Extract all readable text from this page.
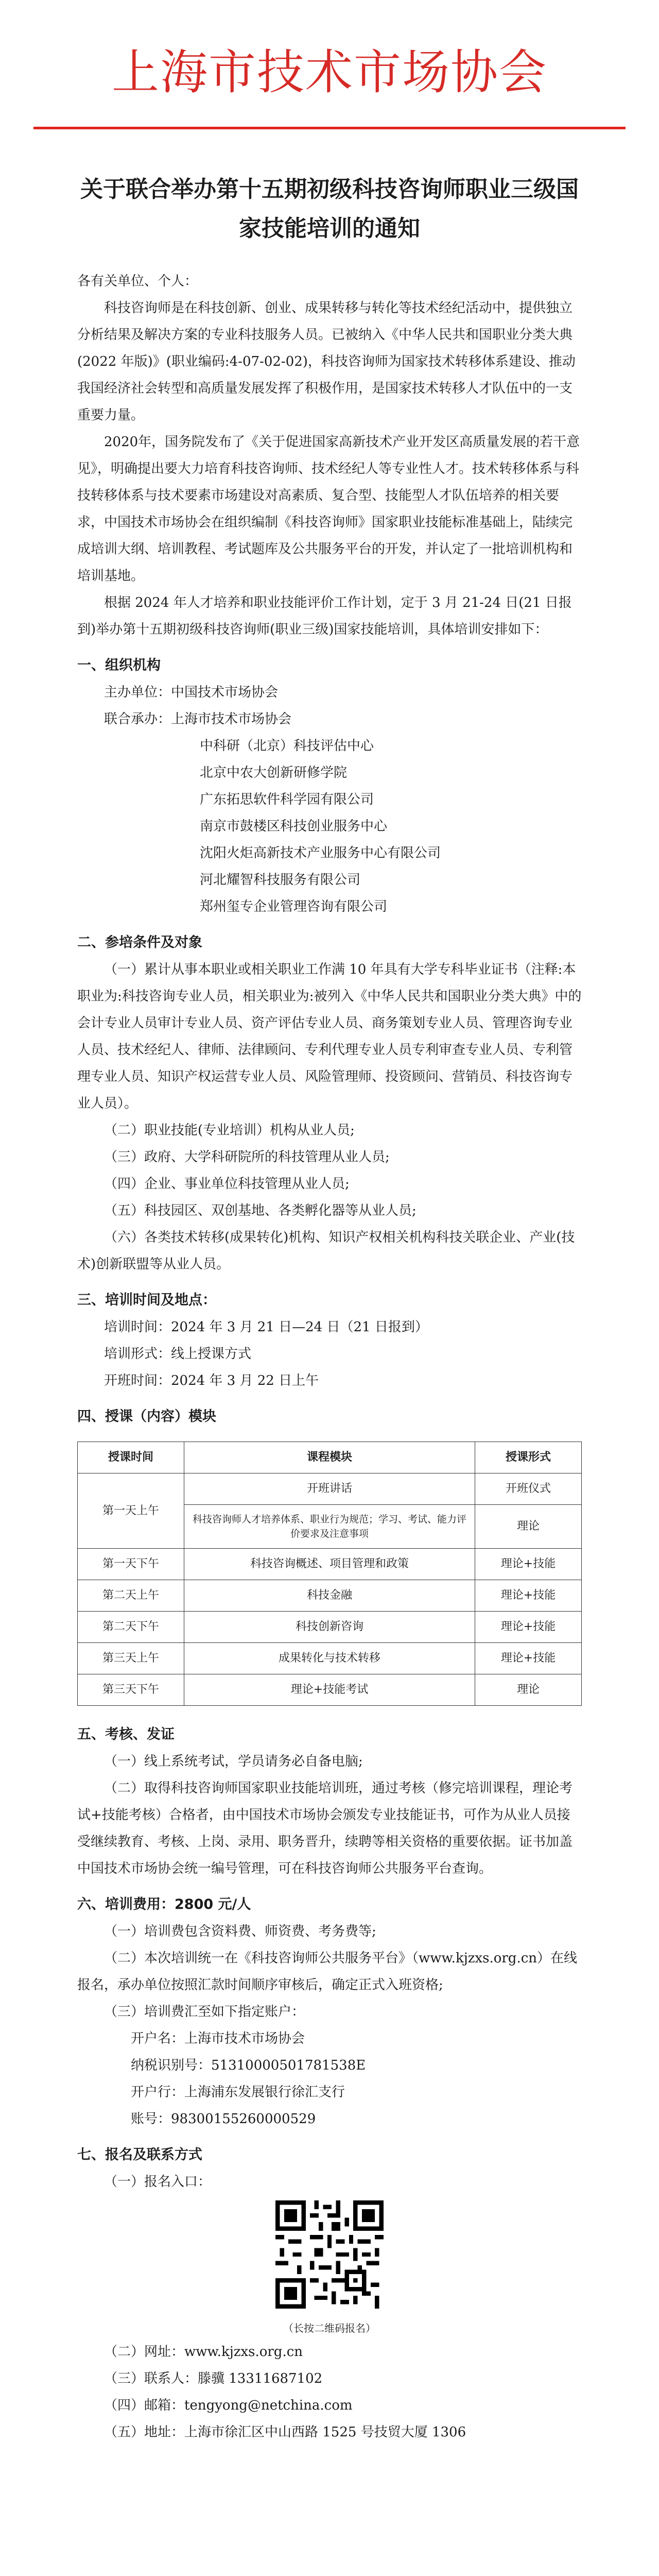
上海市技术市场协会
关于联合举办第十五期初级科技咨询师职业三级国家技能培训的通知

各有关单位、个人：

科技咨询师是在科技创新、创业、成果转移与转化等技术经纪活动中，提供独立分析结果及解决方案的专业科技服务人员。已被纳入《中华人民共和国职业分类大典(2022 年版)》(职业编码:4-07-02-02)，科技咨询师为国家技术转移体系建设、推动我国经济社会转型和高质量发展发挥了积极作用，是国家技术转移人才队伍中的一支重要力量。

2020年，国务院发布了《关于促进国家高新技术产业开发区高质量发展的若干意见》，明确提出要大力培育科技咨询师、技术经纪人等专业性人才。技术转移体系与科技转移体系与技术要素市场建设对高素质、复合型、技能型人才队伍培养的相关要求，中国技术市场协会在组织编制《科技咨询师》国家职业技能标准基础上，陆续完成培训大纲、培训教程、考试题库及公共服务平台的开发，并认定了一批培训机构和培训基地。

根据 2024 年人才培养和职业技能评价工作计划，定于 3 月 21-24 日(21 日报到)举办第十五期初级科技咨询师(职业三级)国家技能培训，具体培训安排如下：

一、组织机构

主办单位：中国技术市场协会

联合承办：上海市技术市场协会

中科研（北京）科技评估中心

北京中农大创新研修学院

广东拓思软件科学园有限公司

南京市鼓楼区科技创业服务中心

沈阳火炬高新技术产业服务中心有限公司

河北耀智科技服务有限公司

郑州玺专企业管理咨询有限公司

二、参培条件及对象

（一）累计从事本职业或相关职业工作满 10 年具有大学专科毕业证书（注释:本职业为:科技咨询专业人员，相关职业为:被列入《中华人民共和国职业分类大典》中的会计专业人员审计专业人员、资产评估专业人员、商务策划专业人员、管理咨询专业人员、技术经纪人、律师、法律顾问、专利代理专业人员专利审查专业人员、专利管理专业人员、知识产权运营专业人员、风险管理师、投资顾问、营销员、科技咨询专业人员）。

（二）职业技能(专业培训）机构从业人员;

（三）政府、大学科研院所的科技管理从业人员;

（四）企业、事业单位科技管理从业人员;

（五）科技园区、双创基地、各类孵化器等从业人员;

（六）各类技术转移(成果转化)机构、知识产权相关机构科技关联企业、产业(技术)创新联盟等从业人员。

三、培训时间及地点：

培训时间：2024 年 3 月 21 日—24 日（21 日报到）

培训形式：线上授课方式

开班时间：2024 年 3 月 22 日上午

四、授课（内容）模块

授课时间	课程模块	授课形式
第一天上午	开班讲话	开班仪式
	科技咨询师人才培养体系、职业行为规范；学习、考试、能力评价要求及注意事项	理论
第一天下午	科技咨询概述、项目管理和政策	理论+技能
第二天上午	科技金融	理论+技能
第二天下午	科技创新咨询	理论+技能
第三天上午	成果转化与技术转移	理论+技能
第三天下午	理论+技能考试	理论

五、考核、发证

（一）线上系统考试，学员请务必自备电脑;

（二）取得科技咨询师国家职业技能培训班，通过考核（修完培训课程，理论考试+技能考核）合格者，由中国技术市场协会颁发专业技能证书，可作为从业人员接受继续教育、考核、上岗、录用、职务晋升，续聘等相关资格的重要依据。证书加盖中国技术市场协会统一编号管理，可在科技咨询师公共服务平台查询。

六、培训费用：2800 元/人

（一）培训费包含资料费、师资费、考务费等;

（二）本次培训统一在《科技咨询师公共服务平台》（www.kjzxs.org.cn）在线报名，承办单位按照汇款时间顺序审核后，确定正式入班资格;

（三）培训费汇至如下指定账户：

开户名：上海市技术市场协会

纳税识别号：51310000501781538E

开户行：上海浦东发展银行徐汇支行

账号：98300155260000529

七、报名及联系方式

（一）报名入口：

（长按二维码报名）

（二）网址：www.kjzxs.org.cn

（三）联系人：滕骥 13311687102

（四）邮箱：tengyong@netchina.com

（五）地址：上海市徐汇区中山西路 1525 号技贸大厦 1306
